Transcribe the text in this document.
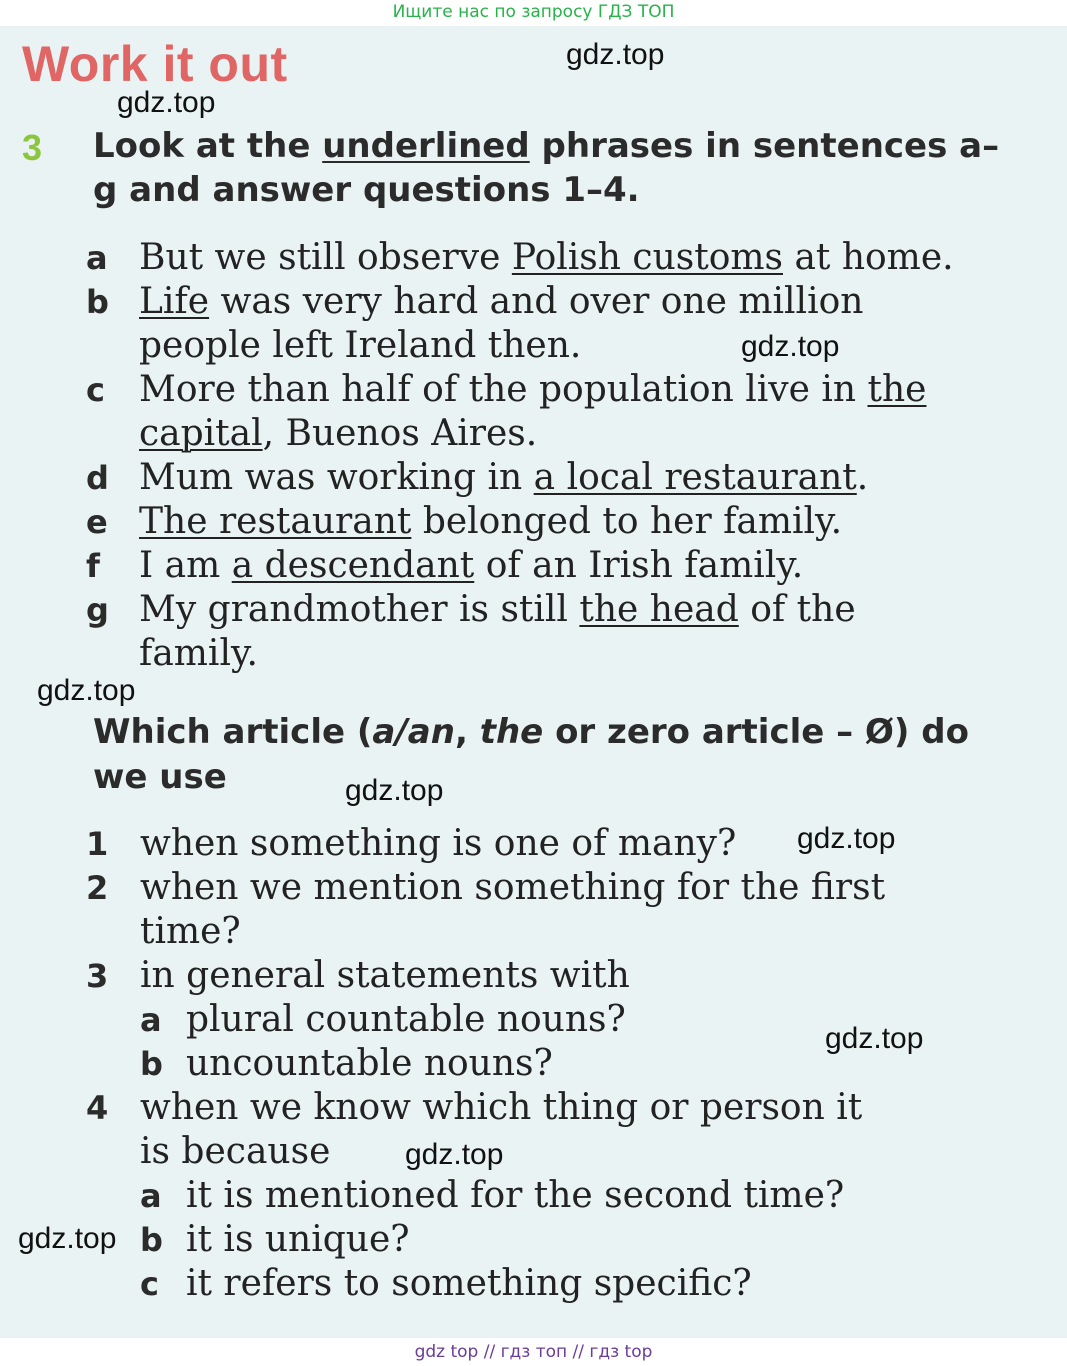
Ищите нас по запросу ГДЗ ТОП
Work it out
3 Look at the underlined phrases in sentences a–g and answer questions 1–4.
a But we still observe Polish customs at home.
b Life was very hard and over one million people left Ireland then.
c More than half of the population live in the capital, Buenos Aires.
d Mum was working in a local restaurant.
e The restaurant belonged to her family.
f	I am a descendant of an Irish family.
g My grandmother is still the head of the family.
Which article (a/an, the or zero article – Ø) do we use
1 when something is one of many?
2 when we mention something for the first time?
3 in general statements with
a plural countable nouns?
b uncountable nouns?
4 when we know which thing or person it is because
a it is mentioned for the second time?
b it is unique?
c it refers to something specific?
gdz.top
gdz.top
gdz.top
gdz.top
gdz.top
gdz.top
gdz.top
gdz.top
gdz.top
gdz top // гдз топ // гдз top
